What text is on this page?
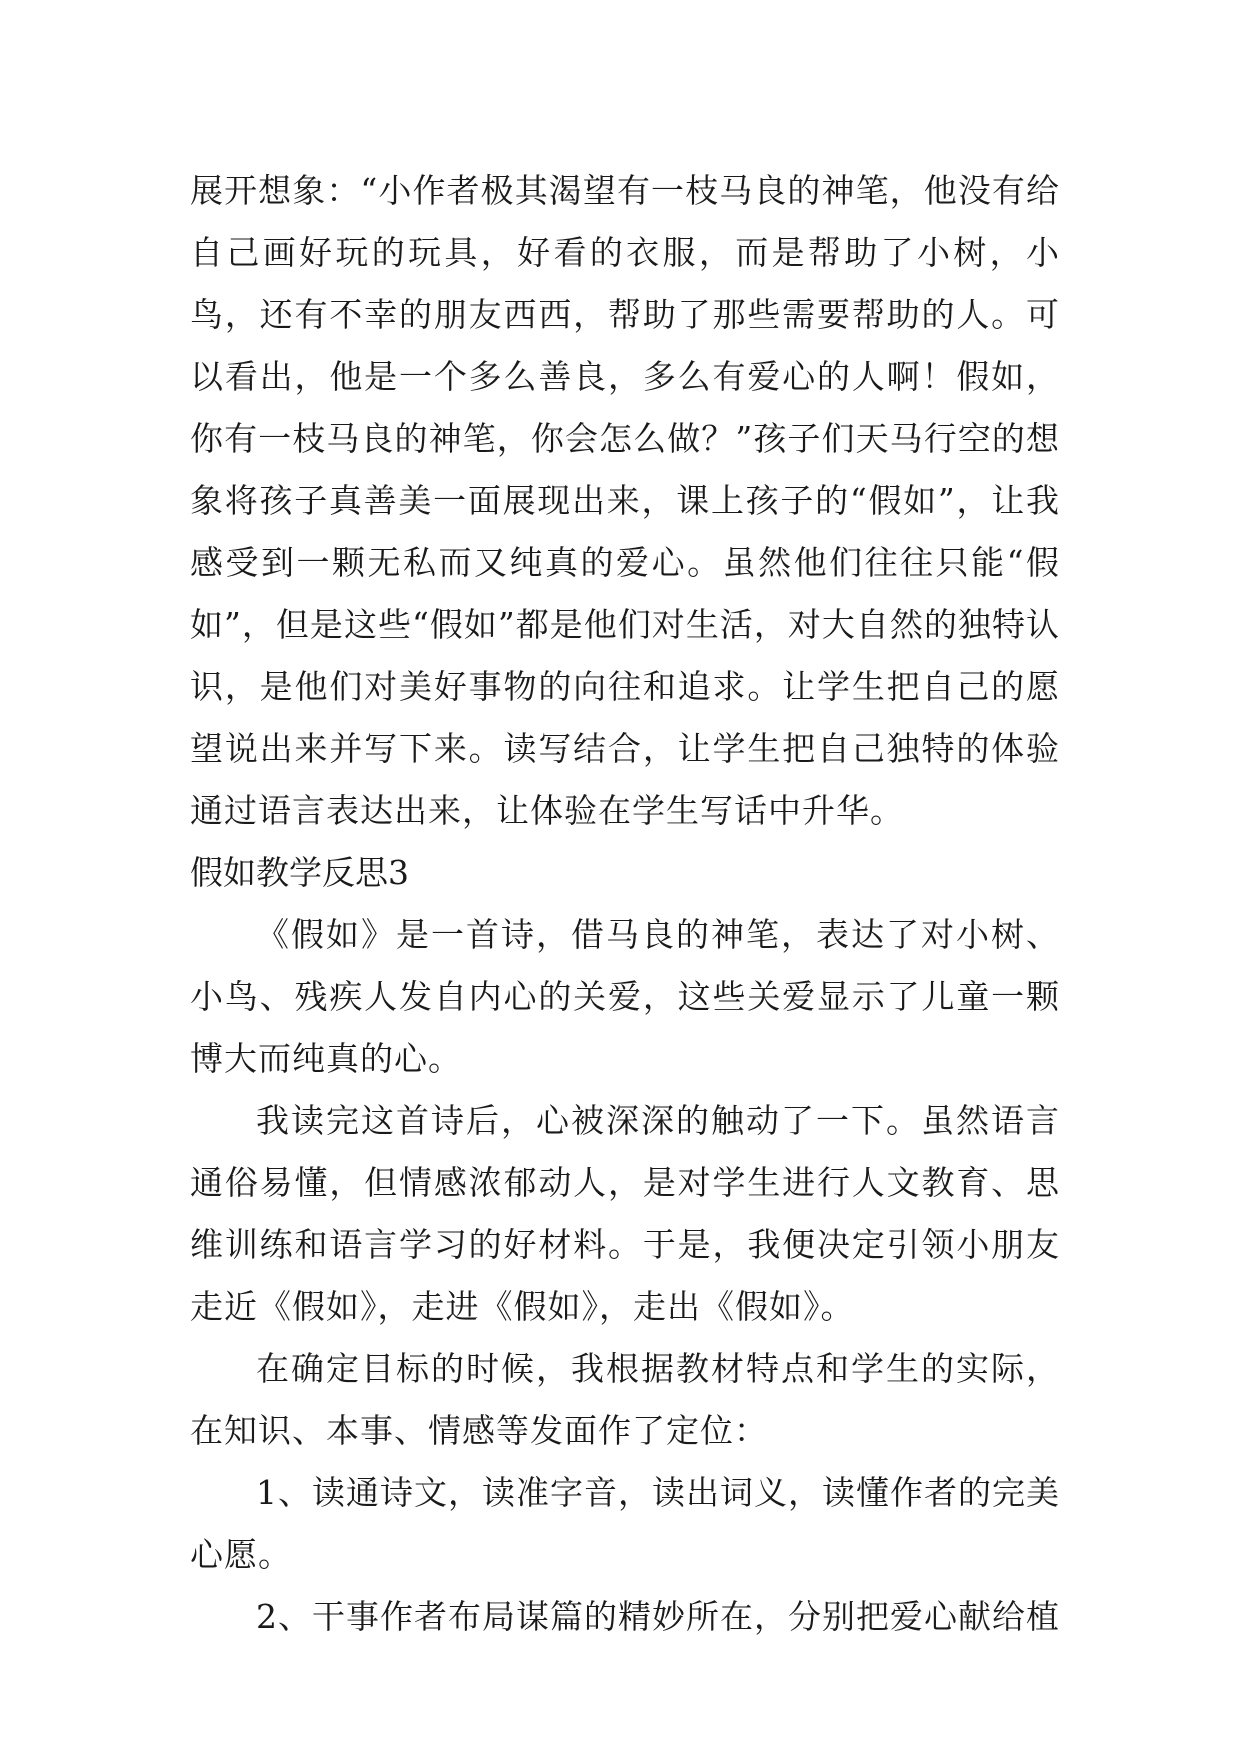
展开想象：“小作者极其渴望有一枝马良的神笔，他没有给自己画好玩的玩具，好看的衣服，而是帮助了小树，小鸟，还有不幸的朋友西西，帮助了那些需要帮助的人。可以看出，他是一个多么善良，多么有爱心的人啊！假如，你有一枝马良的神笔，你会怎么做？”孩子们天马行空的想象将孩子真善美一面展现出来，课上孩子的“假如”，让我感受到一颗无私而又纯真的爱心。虽然他们往往只能“假如”，但是这些“假如”都是他们对生活，对大自然的独特认识，是他们对美好事物的向往和追求。让学生把自己的愿望说出来并写下来。读写结合，让学生把自己独特的体验通过语言表达出来，让体验在学生写话中升华。

假如教学反思3

《假如》是一首诗，借马良的神笔，表达了对小树、小鸟、残疾人发自内心的关爱，这些关爱显示了儿童一颗博大而纯真的心。

我读完这首诗后，心被深深的触动了一下。虽然语言通俗易懂，但情感浓郁动人，是对学生进行人文教育、思维训练和语言学习的好材料。于是，我便决定引领小朋友走近《假如》，走进《假如》，走出《假如》。

在确定目标的时候，我根据教材特点和学生的实际，在知识、本事、情感等发面作了定位：

1、读通诗文，读准字音，读出词义，读懂作者的完美心愿。

2、干事作者布局谋篇的精妙所在，分别把爱心献给植
